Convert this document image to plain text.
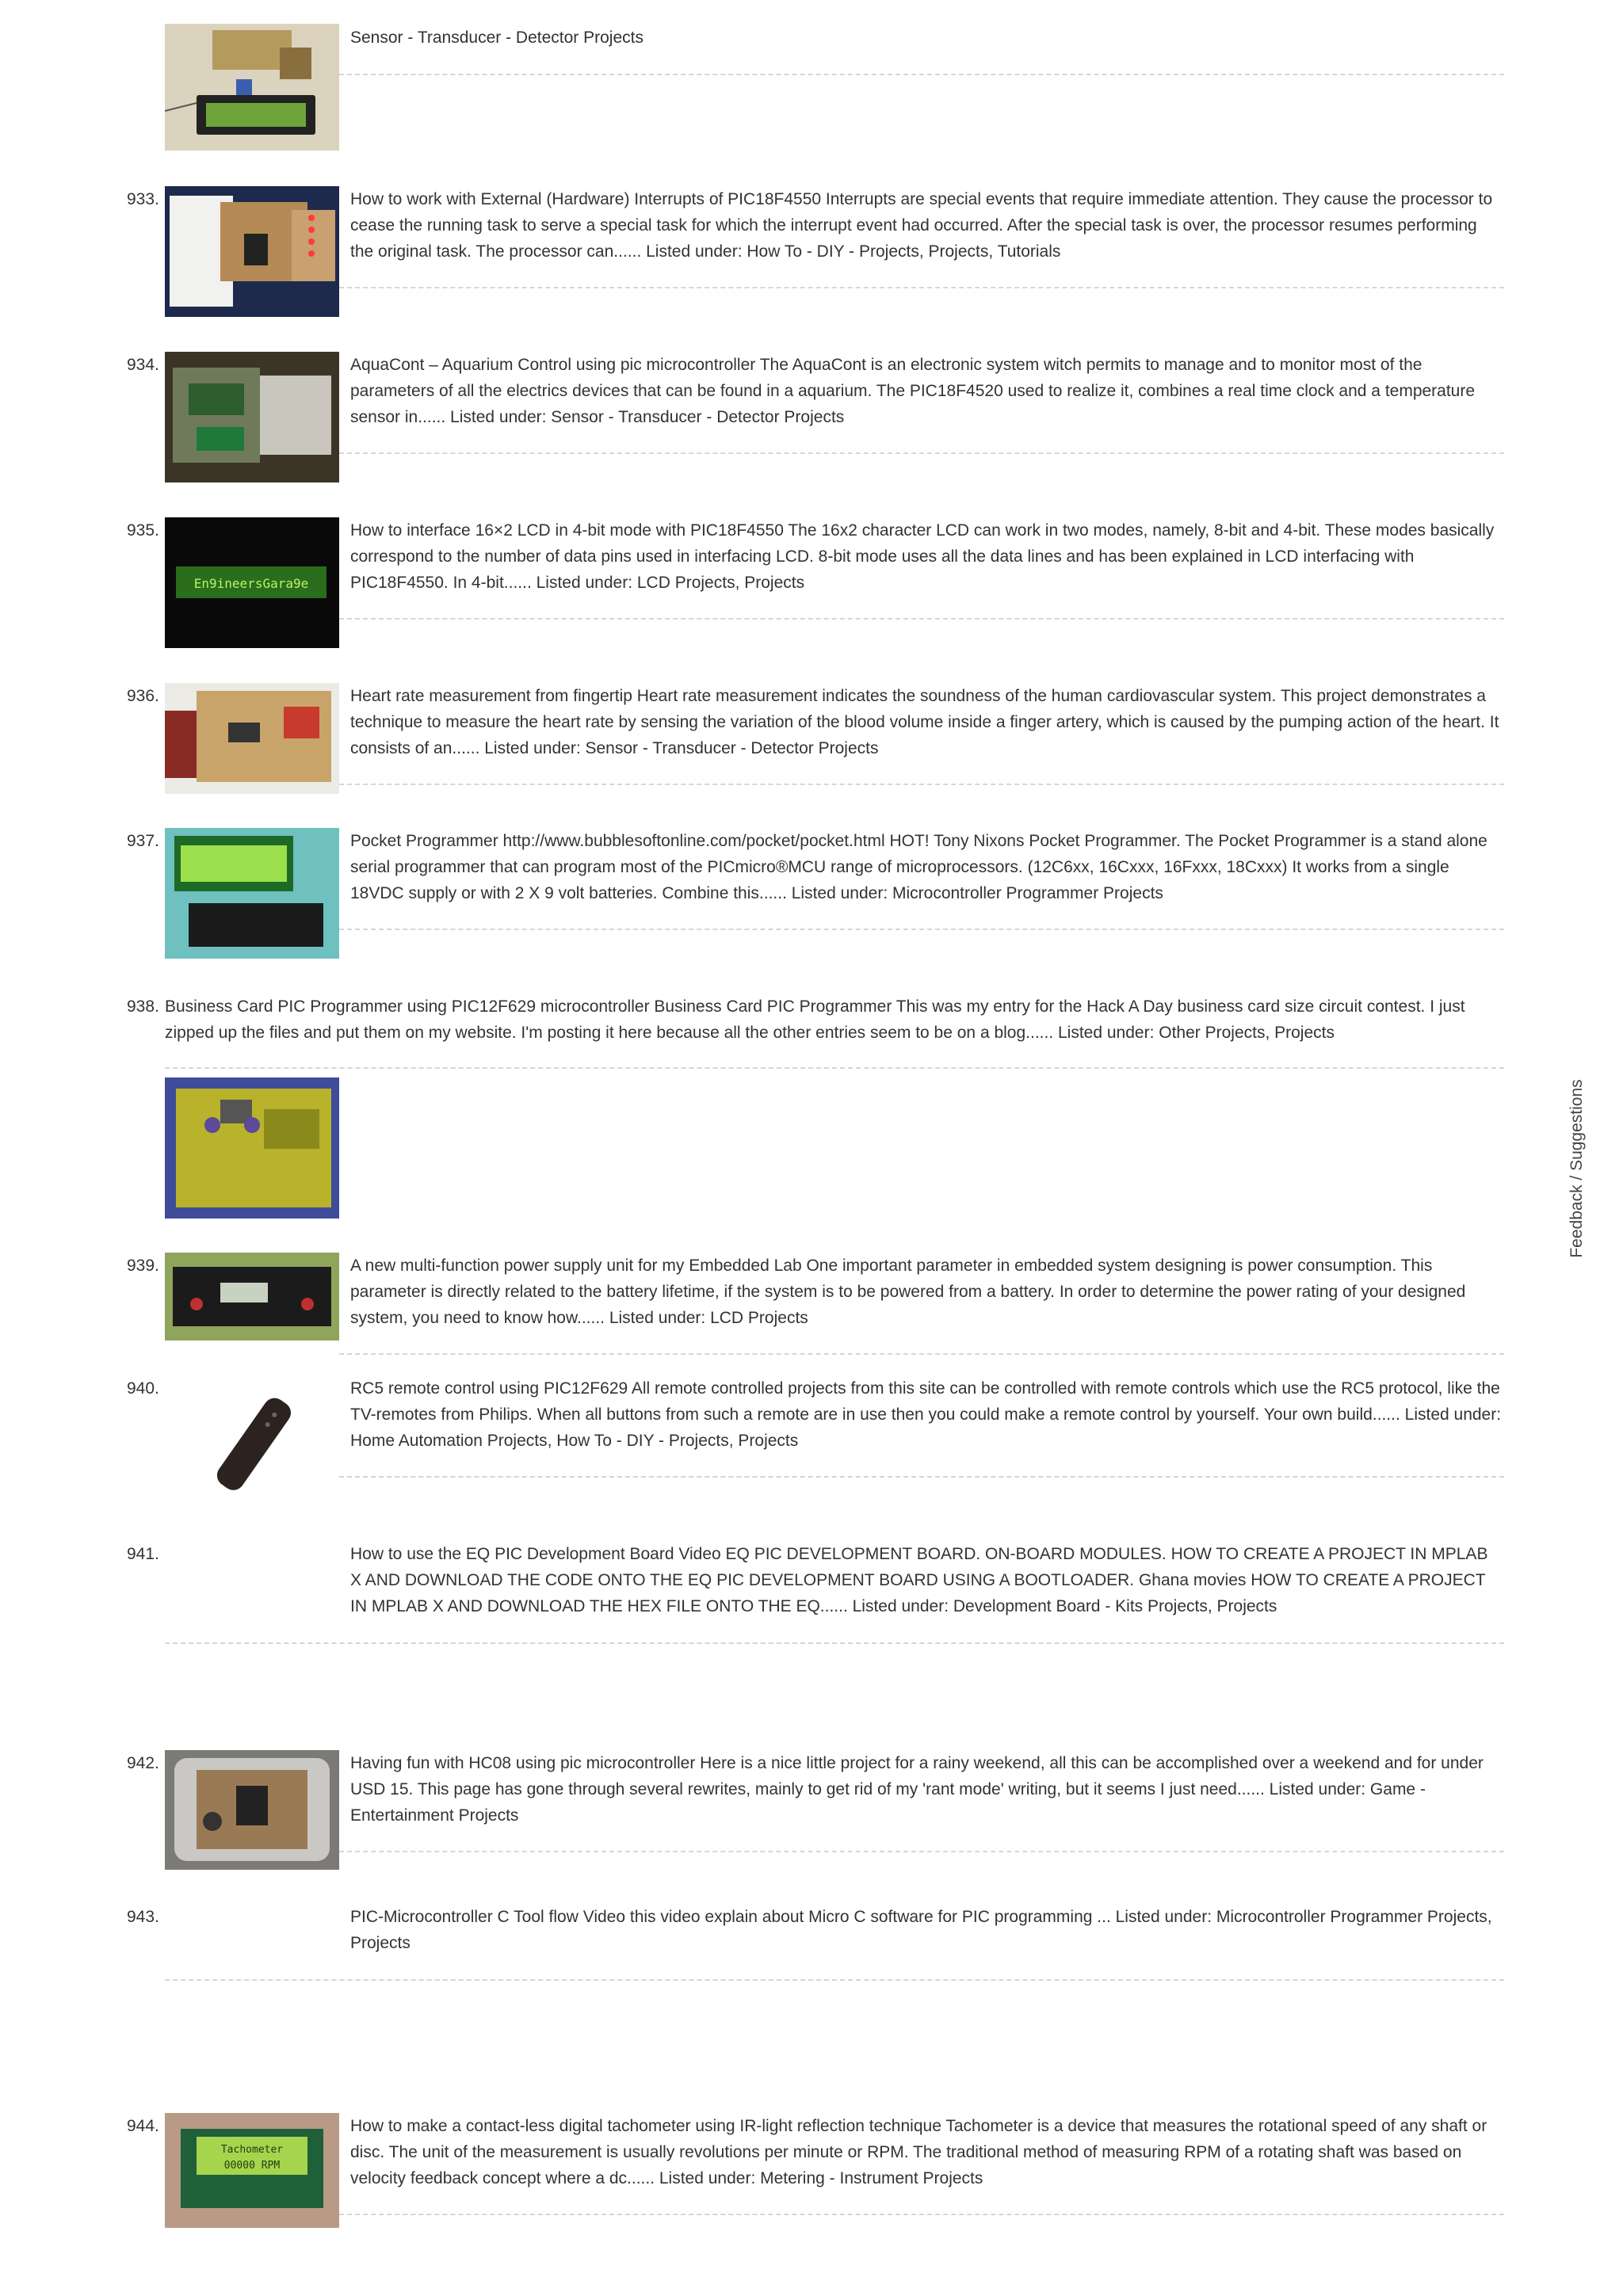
Sensor - Transducer - Detector Projects
933.	How to work with External (Hardware) Interrupts of PIC18F4550 Interrupts are special events that require immediate attention. They cause the processor to cease the running task to serve a special task for which the interrupt event had occurred. After the special task is over, the processor resumes performing the original task. The processor can...... Listed under: How To - DIY - Projects, Projects, Tutorials
934.	AquaCont – Aquarium Control using pic microcontroller The AquaCont is an electronic system witch permits to manage and to monitor most of the parameters of all the electrics devices that can be found in a aquarium. The PIC18F4520 used to realize it, combines a real time clock and a temperature sensor in...... Listed under: Sensor - Transducer - Detector Projects
935.
En9ineersGara9e
How to interface 16×2 LCD in 4-bit mode with PIC18F4550 The 16x2 character LCD can work in two modes, namely, 8-bit and 4-bit. These modes basically correspond to the number of data pins used in interfacing LCD. 8-bit mode uses all the data lines and has been explained in LCD interfacing with PIC18F4550. In 4-bit...... Listed under: LCD Projects, Projects
936.	Heart rate measurement from fingertip Heart rate measurement indicates the soundness of the human cardiovascular system. This project demonstrates a technique to measure the heart rate by sensing the variation of the blood volume inside a finger artery, which is caused by the pumping action of the heart. It consists of an...... Listed under: Sensor - Transducer - Detector Projects
937.	Pocket Programmer http://www.bubblesoftonline.com/pocket/pocket.html HOT! Tony Nixons Pocket Programmer. The Pocket Programmer is a stand alone serial programmer that can program most of the PICmicro®MCU range of microprocessors. (12C6xx, 16Cxxx, 16Fxxx, 18Cxxx) It works from a single 18VDC supply or with 2 X 9 volt batteries. Combine this...... Listed under: Microcontroller Programmer Projects
938. Business Card PIC Programmer using PIC12F629 microcontroller Business Card PIC Programmer This was my entry for the Hack A Day business card size circuit contest. I just zipped up the files and put them on my website. I'm posting it here because all the other entries seem to be on a blog...... Listed under: Other Projects, Projects
939.	A new multi-function power supply unit for my Embedded Lab One important parameter in embedded system designing is power consumption. This parameter is directly related to the battery lifetime, if the system is to be powered from a battery. In order to determine the power rating of your designed system, you need to know how...... Listed under: LCD Projects
940.	RC5 remote control using PIC12F629 All remote controlled projects from this site can be controlled with remote controls which use the RC5 protocol, like the TV-remotes from Philips. When all buttons from such a remote are in use then you could make a remote control by yourself. Your own build...... Listed under: Home Automation Projects, How To - DIY - Projects, Projects
941.	How to use the EQ PIC Development Board Video EQ PIC DEVELOPMENT BOARD. ON-BOARD MODULES. HOW TO CREATE A PROJECT IN MPLAB X AND DOWNLOAD THE CODE ONTO THE EQ PIC DEVELOPMENT BOARD USING A BOOTLOADER. Ghana movies HOW TO CREATE A PROJECT IN MPLAB X AND DOWNLOAD THE HEX FILE ONTO THE EQ...... Listed under: Development Board - Kits Projects, Projects
942.	Having fun with HC08 using pic microcontroller Here is a nice little project for a rainy weekend, all this can be accomplished over a weekend and for under USD 15. This page has gone through several rewrites, mainly to get rid of my 'rant mode' writing, but it seems I just need...... Listed under: Game - Entertainment Projects
943.	PIC-Microcontroller C Tool flow Video this video explain about Micro C software for PIC programming ... Listed under: Microcontroller Programmer Projects, Projects
944.
Tachometer
00000 RPM
How to make a contact-less digital tachometer using IR-light reflection technique Tachometer is a device that measures the rotational speed of any shaft or disc. The unit of the measurement is usually revolutions per minute or RPM. The traditional method of measuring RPM of a rotating shaft was based on velocity feedback concept where a dc...... Listed under: Metering - Instrument Projects
Feedback / Suggestions
